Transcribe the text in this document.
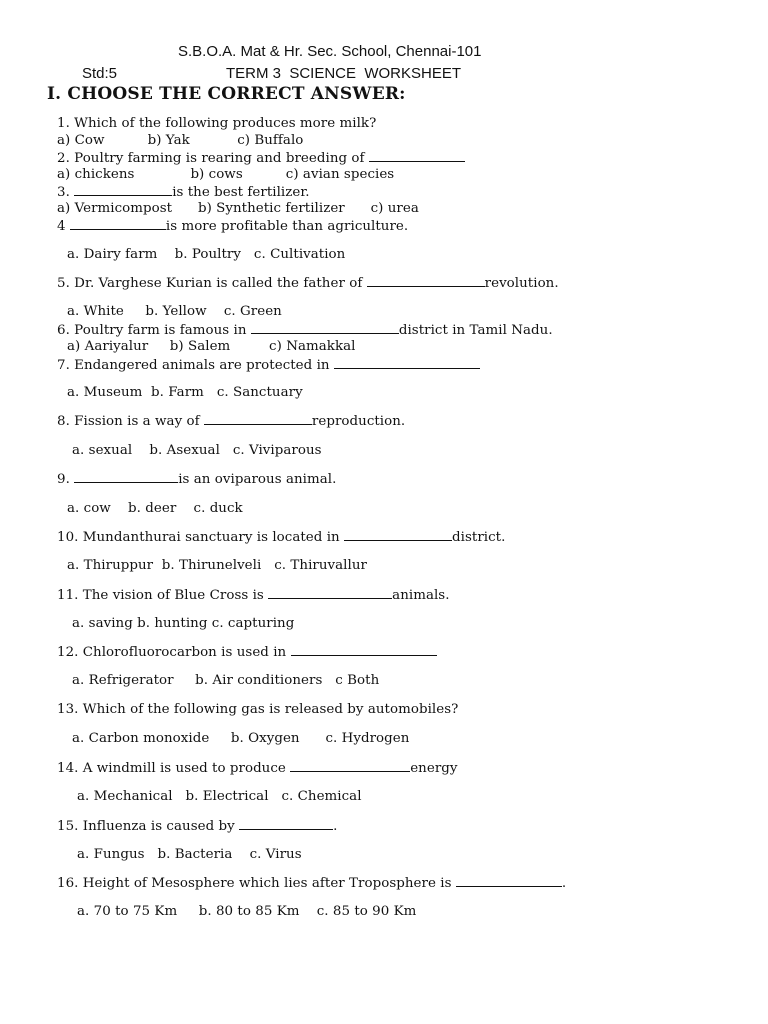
S.B.O.A. Mat & Hr. Sec. School, Chennai-101
Std:5	TERM 3  SCIENCE  WORKSHEET
I. CHOOSE THE CORRECT ANSWER:
1. Which of the following produces more milk?
a) Cow          b) Yak           c) Buffalo
2. Poultry farming is rearing and breeding of
a) chickens             b) cows          c) avian species
3.	is the best fertilizer.
a) Vermicompost      b) Synthetic fertilizer      c) urea
4	is more profitable than agriculture.
a. Dairy farm    b. Poultry   c. Cultivation
5. Dr. Varghese Kurian is called the father of	revolution.
a. White     b. Yellow    c. Green
6. Poultry farm is famous in	district in Tamil Nadu.
a) Aariyalur     b) Salem         c) Namakkal
7. Endangered animals are protected in
a. Museum  b. Farm   c. Sanctuary
8. Fission is a way of	reproduction.
a. sexual    b. Asexual   c. Viviparous
9.	is an oviparous animal.
a. cow    b. deer    c. duck
10. Mundanthurai sanctuary is located in	district.
a. Thiruppur  b. Thirunelveli   c. Thiruvallur
11. The vision of Blue Cross is	animals.
a. saving b. hunting c. capturing
12. Chlorofluorocarbon is used in
a. Refrigerator     b. Air conditioners   c Both
13. Which of the following gas is released by automobiles?
a. Carbon monoxide     b. Oxygen      c. Hydrogen
14. A windmill is used to produce	energy
a. Mechanical   b. Electrical   c. Chemical
15. Influenza is caused by	.
a. Fungus   b. Bacteria    c. Virus
16. Height of Mesosphere which lies after Troposphere is	.
a. 70 to 75 Km     b. 80 to 85 Km    c. 85 to 90 Km
